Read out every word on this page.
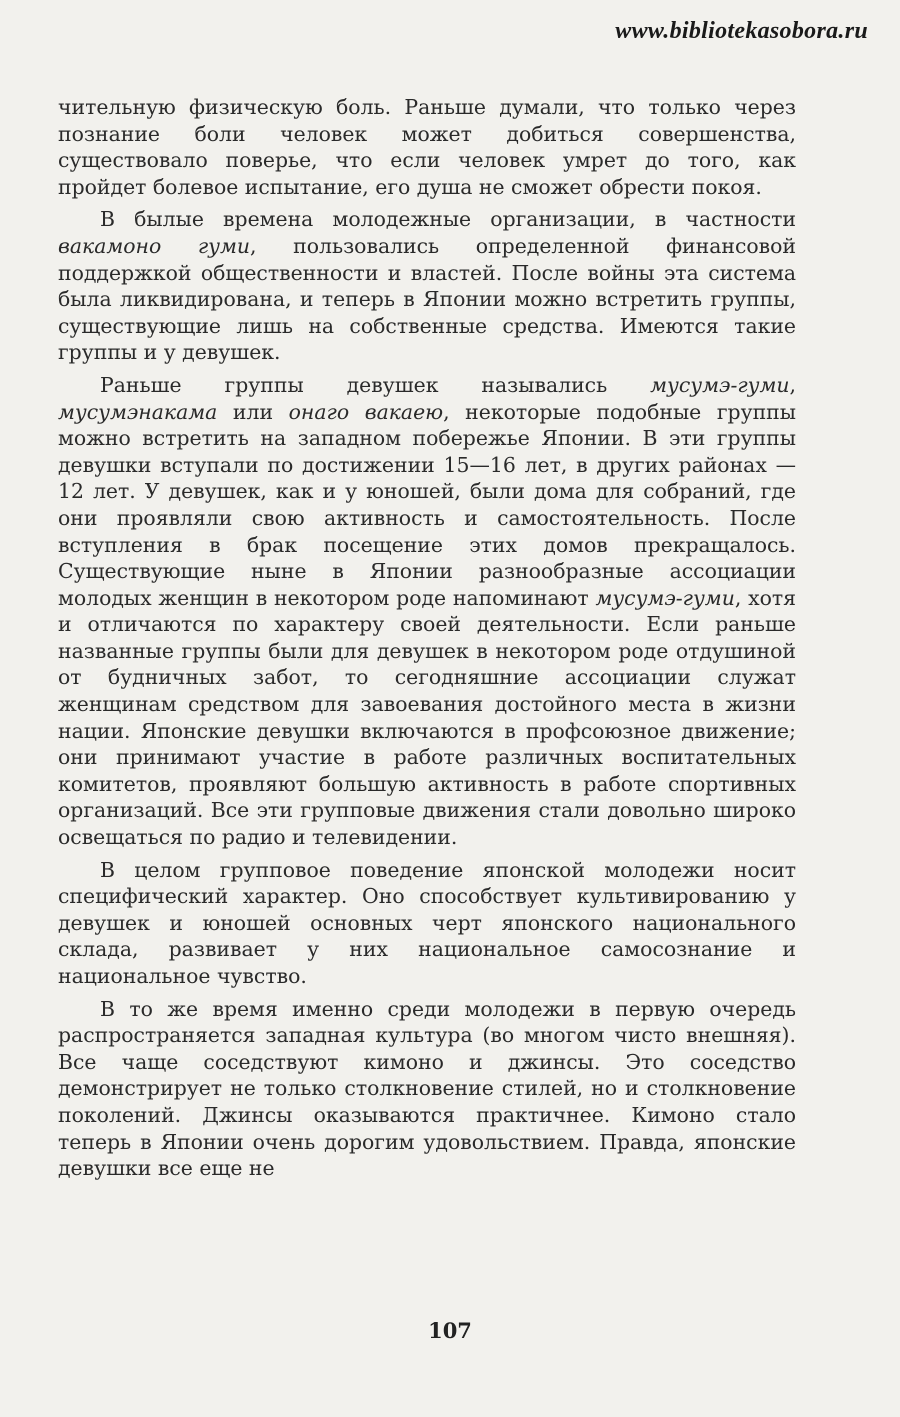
www.bibliotekasobora.ru

чительную физическую боль. Раньше думали, что только через познание боли человек может добиться совершенства, существовало поверье, что если человек умрет до того, как пройдет болевое испытание, его душа не сможет обрести покоя.

В былые времена молодежные организации, в частности вакамоно гуми, пользовались определенной финансовой поддержкой общественности и властей. После войны эта система была ликвидирована, и теперь в Японии можно встретить группы, существующие лишь на собственные средства. Имеются такие группы и у девушек.

Раньше группы девушек назывались мусумэ-гуми, мусумэнакама или онаго вакаею, некоторые подобные группы можно встретить на западном побережье Японии. В эти группы девушки вступали по достижении 15—16 лет, в других районах — 12 лет. У девушек, как и у юношей, были дома для собраний, где они проявляли свою активность и самостоятельность. После вступления в брак посещение этих домов прекращалось. Существующие ныне в Японии разнообразные ассоциации молодых женщин в некотором роде напоминают мусумэ-гуми, хотя и отличаются по характеру своей деятельности. Если раньше названные группы были для девушек в некотором роде отдушиной от будничных забот, то сегодняшние ассоциации служат женщинам средством для завоевания достойного места в жизни нации. Японские девушки включаются в профсоюзное движение; они принимают участие в работе различных воспитательных комитетов, проявляют большую активность в работе спортивных организаций. Все эти групповые движения стали довольно широко освещаться по радио и телевидении.

В целом групповое поведение японской молодежи носит специфический характер. Оно способствует культивированию у девушек и юношей основных черт японского национального склада, развивает у них национальное самосознание и национальное чувство.

В то же время именно среди молодежи в первую очередь распространяется западная культура (во многом чисто внешняя). Все чаще соседствуют кимоно и джинсы. Это соседство демонстрирует не только столкновение стилей, но и столкновение поколений. Джинсы оказываются практичнее. Кимоно стало теперь в Японии очень дорогим удовольствием. Правда, японские девушки все еще не

107
